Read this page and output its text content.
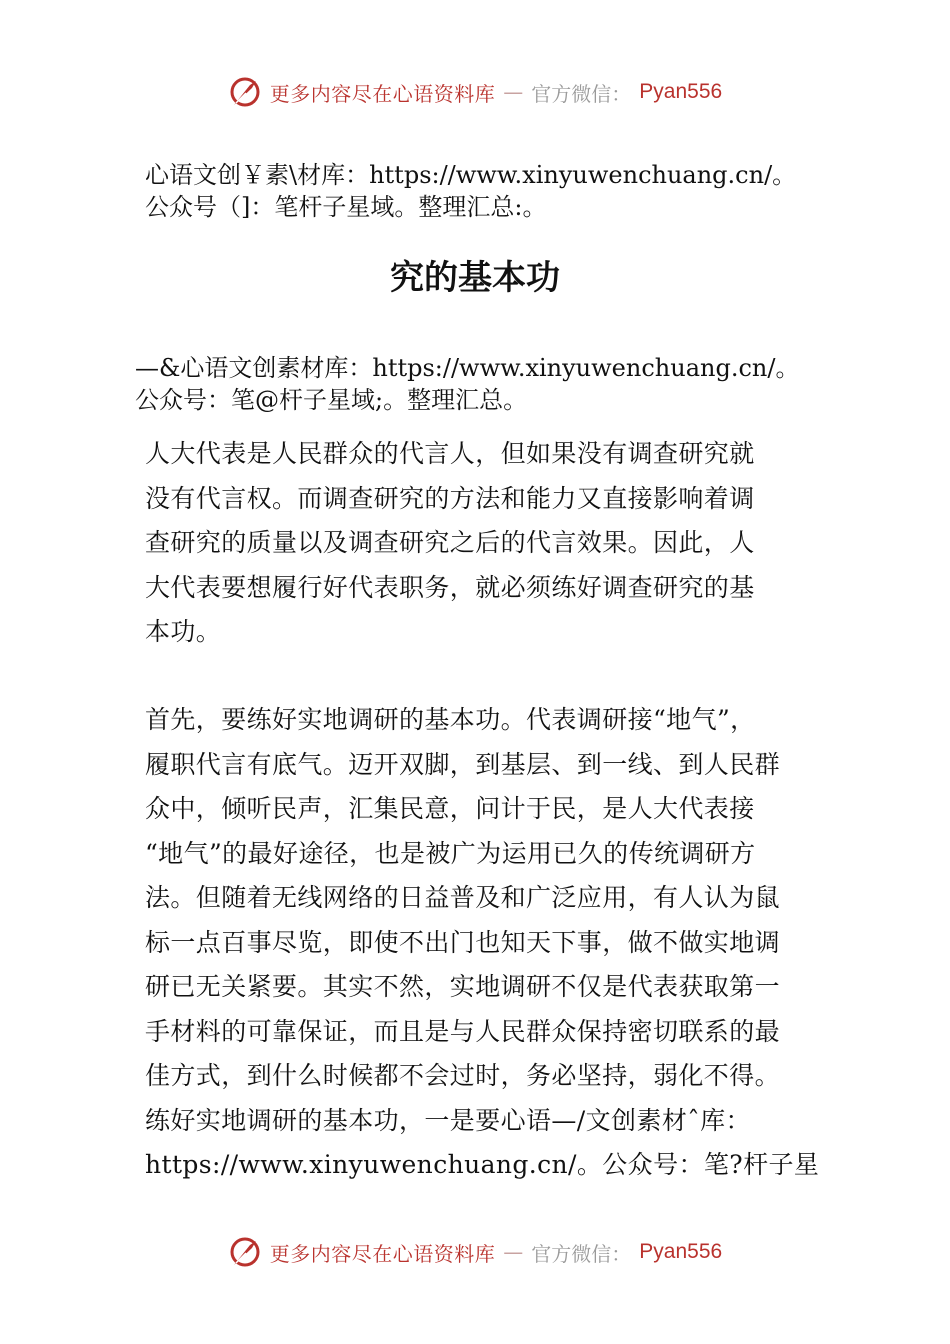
更多内容尽在心语资料库 — 官方微信： Pyan556
心语文创￥素\材库：https://www.xinyuwenchuang.cn/。
公众号（]：笔杆子星域。整理汇总:。
究的基本功
—&心语文创素材库：https://www.xinyuwenchuang.cn/。
公众号：笔@杆子星域;。整理汇总。
人大代表是人民群众的代言人，但如果没有调查研究就
没有代言权。而调查研究的方法和能力又直接影响着调
查研究的质量以及调查研究之后的代言效果。因此，人
大代表要想履行好代表职务，就必须练好调查研究的基
本功。
首先，要练好实地调研的基本功。代表调研接“地气”，
履职代言有底气。迈开双脚，到基层、到一线、到人民群
众中，倾听民声，汇集民意，问计于民，是人大代表接
“地气”的最好途径，也是被广为运用已久的传统调研方
法。但随着无线网络的日益普及和广泛应用，有人认为鼠
标一点百事尽览，即使不出门也知天下事，做不做实地调
研已无关紧要。其实不然，实地调研不仅是代表获取第一
手材料的可靠保证，而且是与人民群众保持密切联系的最
佳方式，到什么时候都不会过时，务必坚持，弱化不得。
练好实地调研的基本功，一是要心语—/文创素材ˆ库：
https://www.xinyuwenchuang.cn/。公众号：笔?杆子星
更多内容尽在心语资料库 — 官方微信： Pyan556
